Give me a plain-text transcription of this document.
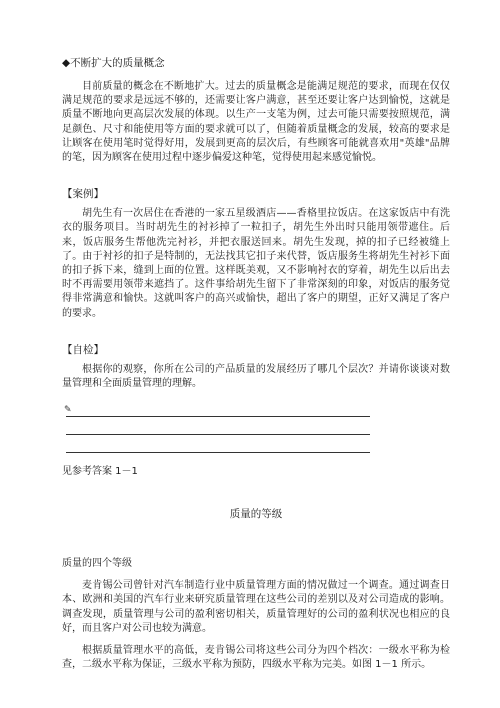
◆不断扩大的质量概念

目前质量的概念在不断地扩大。过去的质量概念是能满足规范的要求，而现在仅仅满足规范的要求是远远不够的，还需要让客户满意，甚至还要让客户达到愉悦，这就是质量不断地向更高层次发展的体现。以生产一支笔为例，过去可能只需要按照规范，满足颜色、尺寸和能使用等方面的要求就可以了，但随着质量概念的发展，较高的要求是让顾客在使用笔时觉得好用，发展到更高的层次后，有些顾客可能就喜欢用"英雄"品牌的笔，因为顾客在使用过程中逐步偏爱这种笔，觉得使用起来感觉愉悦。

【案例】

胡先生有一次居住在香港的一家五星级酒店——香格里拉饭店。在这家饭店中有洗衣的服务项目。当时胡先生的衬衫掉了一粒扣子，胡先生外出时只能用领带遮住。后来，饭店服务生帮他洗完衬衫，并把衣服送回来。胡先生发现，掉的扣子已经被缝上了。由于衬衫的扣子是特制的，无法找其它扣子来代替，饭店服务生将胡先生衬衫下面的扣子拆下来，缝到上面的位置。这样既美观，又不影响衬衣的穿着，胡先生以后出去时不再需要用领带来遮挡了。这件事给胡先生留下了非常深刻的印象，对饭店的服务觉得非常满意和愉快。这就叫客户的高兴或愉快，超出了客户的期望，正好又满足了客户的要求。

【自检】

根据你的观察，你所在公司的产品质量的发展经历了哪几个层次？并请你谈谈对数量管理和全面质量管理的理解。

✎

见参考答案 1－1

质量的等级

质量的四个等级

麦肯锡公司曾针对汽车制造行业中质量管理方面的情况做过一个调查。通过调查日本、欧洲和美国的汽车行业来研究质量管理在这些公司的差别以及对公司造成的影响。调查发现，质量管理与公司的盈利密切相关，质量管理好的公司的盈利状况也相应的良好，而且客户对公司也较为满意。

根据质量管理水平的高低，麦肯锡公司将这些公司分为四个档次：一级水平称为检查，二级水平称为保证，三级水平称为预防，四级水平称为完美。如图 1－1 所示。
